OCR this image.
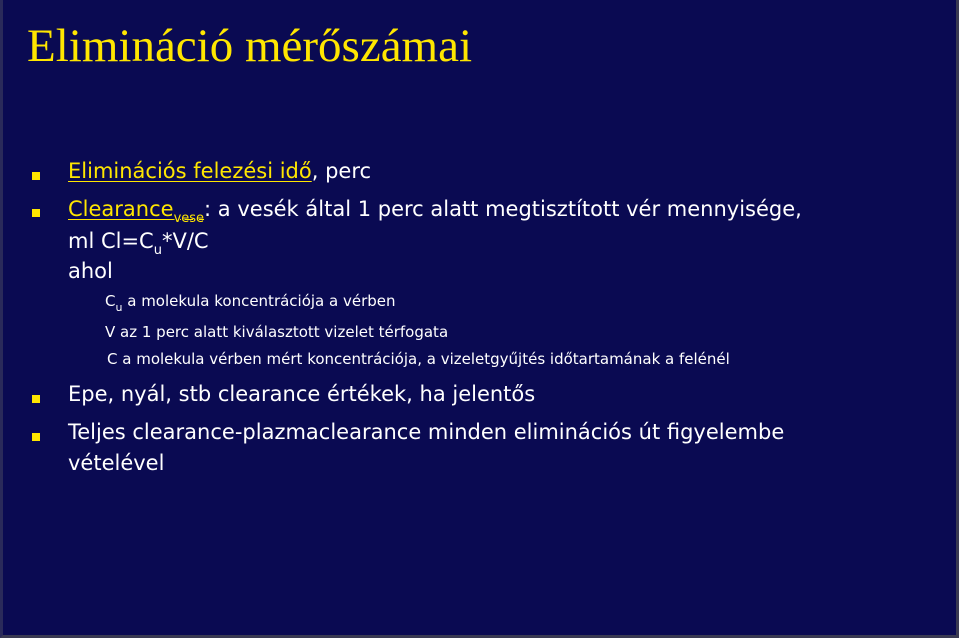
Elimináció mérőszámai

Eliminációs felezési idő, perc

Clearance$_{vese}$: a vesék által 1 perc alatt megtisztított vér mennyisége,

ml $Cl=C_u*V/C$

ahol

$C_u$ a molekula koncentrációja a vérben

V az 1 perc alatt kiválasztott vizelet térfogata

C a molekula vérben mért koncentrációja, a vizeletgyűjtés időtartamának a felénél

Epe, nyál, stb clearance értékek, ha jelentős

Teljes clearance-plazmaclearance minden eliminációs út figyelembe

vételével
